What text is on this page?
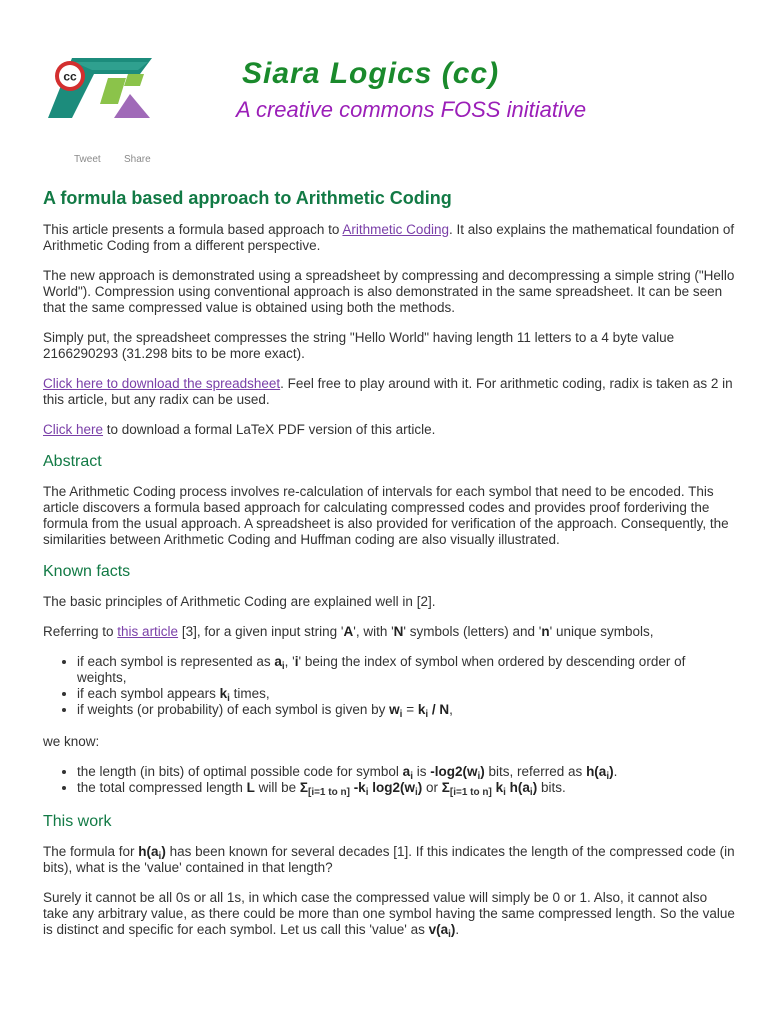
cc	Siara Logics (cc)
A creative commons FOSS initiative
Tweet Share
A formula based approach to Arithmetic Coding

This article presents a formula based approach to Arithmetic Coding. It also explains the mathematical foundation of Arithmetic Coding from a different perspective.

The new approach is demonstrated using a spreadsheet by compressing and decompressing a simple string ("Hello World"). Compression using conventional approach is also demonstrated in the same spreadsheet. It can be seen that the same compressed value is obtained using both the methods.

Simply put, the spreadsheet compresses the string "Hello World" having length 11 letters to a 4 byte value 2166290293 (31.298 bits to be more exact).

Click here to download the spreadsheet. Feel free to play around with it. For arithmetic coding, radix is taken as 2 in this article, but any radix can be used.

Click here to download a formal LaTeX PDF version of this article.

Abstract

The Arithmetic Coding process involves re-calculation of intervals for each symbol that need to be encoded. This article discovers a formula based approach for calculating compressed codes and provides proof forderiving the formula from the usual approach. A spreadsheet is also provided for verification of the approach. Consequently, the similarities between Arithmetic Coding and Huffman coding are also visually illustrated.

Known facts

The basic principles of Arithmetic Coding are explained well in [2].

Referring to this article [3], for a given input string 'A', with 'N' symbols (letters) and 'n' unique symbols,

• if each symbol is represented as $a_i$, 'i' being the index of symbol when ordered by descending order of weights,
• if each symbol appears $k_i$ times,
• if weights (or probability) of each symbol is given by $w_i = k_i / N$,

we know:

• the length (in bits) of optimal possible code for symbol $a_i$ is $-\log 2(w_i)$ bits, referred as $h(a_i)$.
• the total compressed length L will be $\Sigma_{[i=1 to n]}$ $-k_i$ $\log 2(w_i)$ or $\Sigma_{[i=1 to n]}$ $k_i$ $h(a_i)$ bits.
This work

The formula for $h(a_i)$ has been known for several decades [1]. If this indicates the length of the compressed code (in bits), what is the 'value' contained in that length?

Surely it cannot be all 0s or all 1s, in which case the compressed value will simply be 0 or 1. Also, it cannot also take any arbitrary value, as there could be more than one symbol having the same compressed length. So the value is distinct and specific for each symbol. Let us call this 'value' as $v(a_i)$.
